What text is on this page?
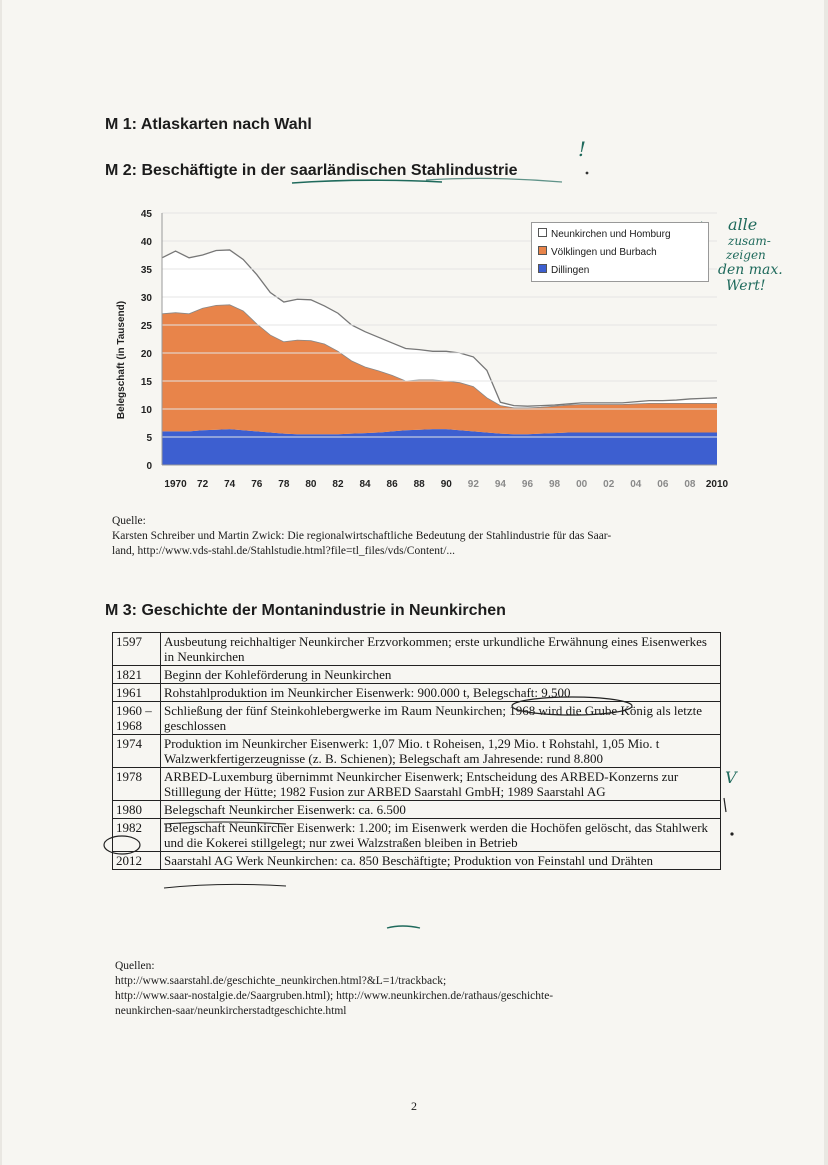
M 1: Atlaskarten nach Wahl
M 2: Beschäftigte in der saarländischen Stahlindustrie
!
0
5
10
15
20
25
30
35
40
45
1970 72 74 76 78 80 82 84 86 88 90 92 94 96 98 00 02 04 06 08 2010
Belegschaft (in Tausend)
Neunkirchen und Homburg
Völklingen und Burbach
Dillingen
alle
zusam-
zeigen
den max.
Wert!
Quelle:
Karsten Schreiber und Martin Zwick: Die regionalwirtschaftliche Bedeutung der Stahlindustrie für das Saar-
land, http://www.vds-stahl.de/Stahlstudie.html?file=tl_files/vds/Content/...
M 3: Geschichte der Montanindustrie in Neunkirchen
1597	Ausbeutung reichhaltiger Neunkircher Erzvorkommen; erste urkundliche Erwähnung eines Eisenwerkes in Neunkirchen
1821	Beginn der Kohleförderung in Neunkirchen
1961	Rohstahlproduktion im Neunkircher Eisenwerk: 900.000 t, Belegschaft: 9.500
1960 – 1968	Schließung der fünf Steinkohlebergwerke im Raum Neunkirchen; 1968 wird die Grube König als letzte geschlossen
1974	Produktion im Neunkircher Eisenwerk: 1,07 Mio. t Roheisen, 1,29 Mio. t Rohstahl, 1,05 Mio. t Walzwerkfertigerzeugnisse (z. B. Schienen); Belegschaft am Jahresende: rund 8.800
1978	ARBED-Luxemburg übernimmt Neunkircher Eisenwerk; Entscheidung des ARBED-Konzerns zur Stilllegung der Hütte; 1982 Fusion zur ARBED Saarstahl GmbH; 1989 Saarstahl AG
1980	Belegschaft Neunkircher Eisenwerk: ca. 6.500
1982	Belegschaft Neunkircher Eisenwerk: 1.200; im Eisenwerk werden die Hochöfen gelöscht, das Stahlwerk und die Kokerei stillgelegt; nur zwei Walzstraßen bleiben in Betrieb
2012	Saarstahl AG Werk Neunkirchen: ca. 850 Beschäftigte; Produktion von Feinstahl und Drähten
V
Quellen:
http://www.saarstahl.de/geschichte_neunkirchen.html?&L=1/trackback;
http://www.saar-nostalgie.de/Saargruben.html); http://www.neunkirchen.de/rathaus/geschichte-
neunkirchen-saar/neunkircherstadtgeschichte.html
2
